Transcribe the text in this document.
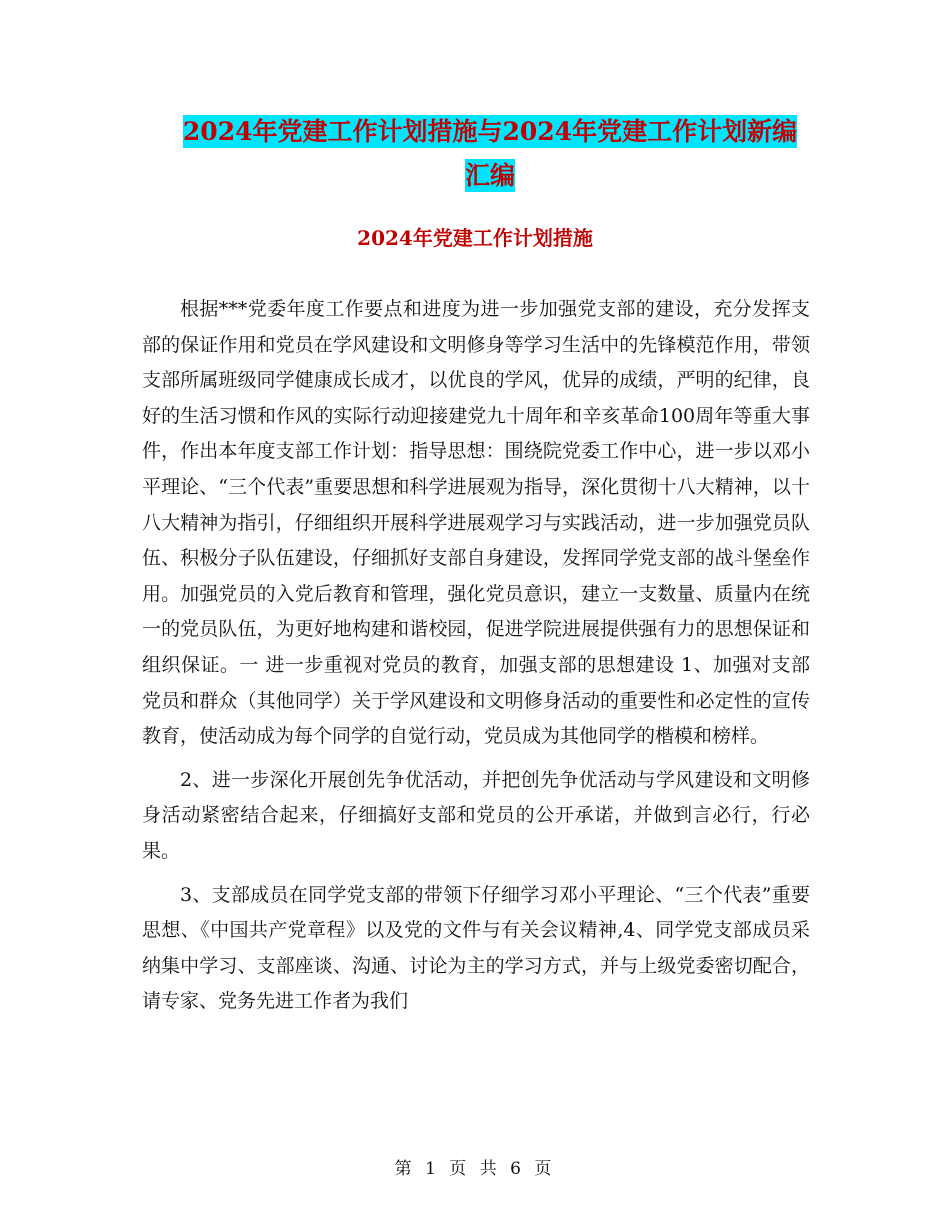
2024年党建工作计划措施与2024年党建工作计划新编
汇编
2024年党建工作计划措施

根据***党委年度工作要点和进度为进一步加强党支部的建设，充分发挥支部的保证作用和党员在学风建设和文明修身等学习生活中的先锋模范作用，带领支部所属班级同学健康成长成才，以优良的学风，优异的成绩，严明的纪律，良好的生活习惯和作风的实际行动迎接建党九十周年和辛亥革命100周年等重大事件，作出本年度支部工作计划：指导思想：围绕院党委工作中心，进一步以邓小平理论、“三个代表”重要思想和科学进展观为指导，深化贯彻十八大精神，以十八大精神为指引，仔细组织开展科学进展观学习与实践活动，进一步加强党员队伍、积极分子队伍建设，仔细抓好支部自身建设，发挥同学党支部的战斗堡垒作用。加强党员的入党后教育和管理，强化党员意识，建立一支数量、质量内在统一的党员队伍，为更好地构建和谐校园，促进学院进展提供强有力的思想保证和组织保证。一 进一步重视对党员的教育，加强支部的思想建设 1、加强对支部党员和群众（其他同学）关于学风建设和文明修身活动的重要性和必定性的宣传教育，使活动成为每个同学的自觉行动，党员成为其他同学的楷模和榜样。

2、进一步深化开展创先争优活动，并把创先争优活动与学风建设和文明修身活动紧密结合起来，仔细搞好支部和党员的公开承诺，并做到言必行，行必果。

3、支部成员在同学党支部的带领下仔细学习邓小平理论、“三个代表”重要思想、《中国共产党章程》以及党的文件与有关会议精神,4、同学党支部成员采纳集中学习、支部座谈、沟通、讨论为主的学习方式，并与上级党委密切配合，请专家、党务先进工作者为我们

第 1 页 共 6 页
